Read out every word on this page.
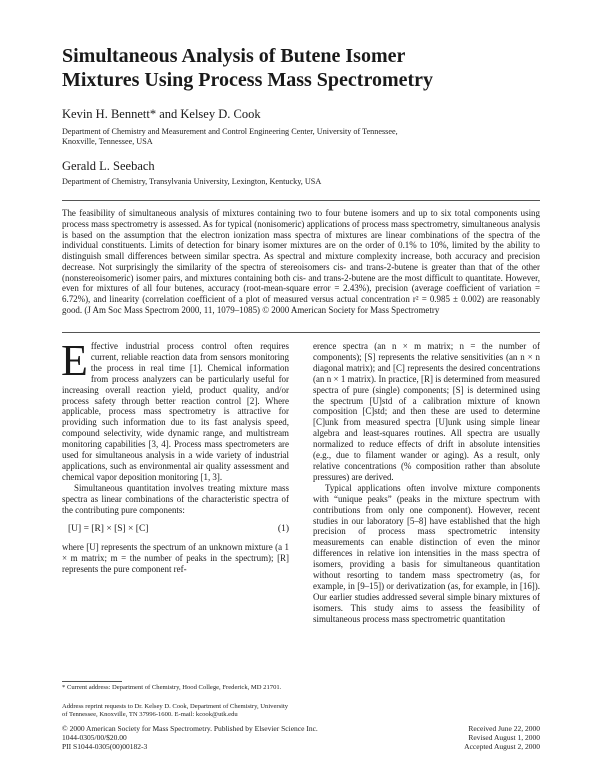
Simultaneous Analysis of Butene Isomer
Mixtures Using Process Mass Spectrometry
Kevin H. Bennett* and Kelsey D. Cook
Department of Chemistry and Measurement and Control Engineering Center, University of Tennessee,
Knoxville, Tennessee, USA
Gerald L. Seebach
Department of Chemistry, Transylvania University, Lexington, Kentucky, USA
The feasibility of simultaneous analysis of mixtures containing two to four butene isomers and up to six total components using process mass spectrometry is assessed. As for typical (nonisomeric) applications of process mass spectrometry, simultaneous analysis is based on the assumption that the electron ionization mass spectra of mixtures are linear combinations of the spectra of the individual constituents. Limits of detection for binary isomer mixtures are on the order of 0.1% to 10%, limited by the ability to distinguish small differences between similar spectra. As spectral and mixture complexity increase, both accuracy and precision decrease. Not surprisingly the similarity of the spectra of stereoisomers cis- and trans-2-butene is greater than that of the other (nonstereoisomeric) isomer pairs, and mixtures containing both cis- and trans-2-butene are the most difficult to quantitate. However, even for mixtures of all four butenes, accuracy (root-mean-square error = 2.43%), precision (average coefficient of variation = 6.72%), and linearity (correlation coefficient of a plot of measured versus actual concentration r² = 0.985 ± 0.002) are reasonably good. (J Am Soc Mass Spectrom 2000, 11, 1079–1085) © 2000 American Society for Mass Spectrometry

Effective industrial process control often requires current, reliable reaction data from sensors monitoring the process in real time [1]. Chemical information from process analyzers can be particularly useful for increasing overall reaction yield, product quality, and/or process safety through better reaction control [2]. Where applicable, process mass spectrometry is attractive for providing such information due to its fast analysis speed, compound selectivity, wide dynamic range, and multistream monitoring capabilities [3, 4]. Process mass spectrometers are used for simultaneous analysis in a wide variety of industrial applications, such as environmental air quality assessment and chemical vapor deposition monitoring [1, 3].

Simultaneous quantitation involves treating mixture mass spectra as linear combinations of the characteristic spectra of the contributing pure components:

[U] = [R] × [S] × [C]	(1)

where [U] represents the spectrum of an unknown mixture (a 1 × m matrix; m = the number of peaks in the spectrum); [R] represents the pure component ref-

erence spectra (an n × m matrix; n = the number of components); [S] represents the relative sensitivities (an n × n diagonal matrix); and [C] represents the desired concentrations (an n × 1 matrix). In practice, [R] is determined from measured spectra of pure (single) components; [S] is determined using the spectrum [U]std of a calibration mixture of known composition [C]std; and then these are used to determine [C]unk from measured spectra [U]unk using simple linear algebra and least-squares routines. All spectra are usually normalized to reduce effects of drift in absolute intensities (e.g., due to filament wander or aging). As a result, only relative concentrations (% composition rather than absolute pressures) are derived.

Typical applications often involve mixture components with “unique peaks” (peaks in the mixture spectrum with contributions from only one component). However, recent studies in our laboratory [5–8] have established that the high precision of process mass spectrometric intensity measurements can enable distinction of even the minor differences in relative ion intensities in the mass spectra of isomers, providing a basis for simultaneous quantitation without resorting to tandem mass spectrometry (as, for example, in [9–15]) or derivatization (as, for example, in [16]). Our earlier studies addressed several simple binary mixtures of isomers. This study aims to assess the feasibility of simultaneous process mass spectrometric quantitation

* Current address: Department of Chemistry, Hood College, Frederick, MD 21701.
Address reprint requests to Dr. Kelsey D. Cook, Department of Chemistry, University of Tennessee, Knoxville, TN 37996-1600. E-mail: kcook@utk.edu
© 2000 American Society for Mass Spectrometry. Published by Elsevier Science Inc.
1044-0305/00/$20.00
PII S1044-0305(00)00182-3
Received June 22, 2000
Revised August 1, 2000
Accepted August 2, 2000
